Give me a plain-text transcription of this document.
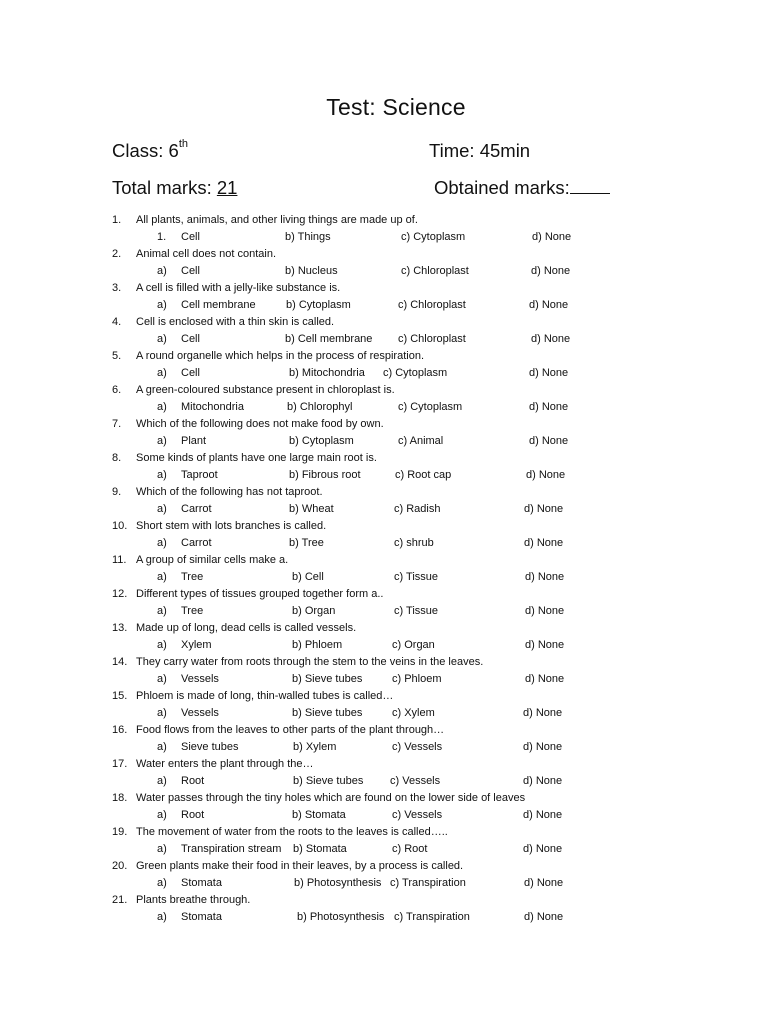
Test: Science
Class: 6th	Time: 45min
Total marks: 21	Obtained marks:
1. All plants, animals, and other living things are made up of.
1. Cell	b) Things	c) Cytoplasm	d) None
2. Animal cell does not contain.
a) Cell	b) Nucleus	c) Chloroplast	d) None
3. A cell is filled with a jelly-like substance is.
a) Cell membrane	b) Cytoplasm	c) Chloroplast	d) None
4. Cell is enclosed with a thin skin is called.
a) Cell	b) Cell membrane c) Chloroplast	d) None
5. A round organelle which helps in the process of respiration.
a) Cell	b) Mitochondria c) Cytoplasm	d) None
6. A green-coloured substance present in chloroplast is.
a) Mitochondria	b) Chlorophyl	c) Cytoplasm	d) None
7. Which of the following does not make food by own.
a) Plant	b) Cytoplasm	c) Animal	d) None
8. Some kinds of plants have one large main root is.
a) Taproot	b) Fibrous root	c) Root cap	d) None
9. Which of the following has not taproot.
a) Carrot	b) Wheat	c) Radish	d) None
10. Short stem with lots branches is called.
a) Carrot	b) Tree	c) shrub	d) None
11. A group of similar cells make a.
a) Tree	b) Cell	c) Tissue	d) None
12. Different types of tissues grouped together form a..
a) Tree	b) Organ	c) Tissue	d) None
13. Made up of long, dead cells is called vessels.
a) Xylem	b) Phloem	c) Organ	d) None
14. They carry water from roots through the stem to the veins in the leaves.
a) Vessels	b) Sieve tubes	c) Phloem	d) None
15. Phloem is made of long, thin-walled tubes is called…
a) Vessels	b) Sieve tubes	c) Xylem	d) None
16. Food flows from the leaves to other parts of the plant through…
a) Sieve tubes	b) Xylem	c) Vessels	d) None
17. Water enters the plant through the…
a) Root	b) Sieve tubes c) Vessels	d) None
18. Water passes through the tiny holes which are found on the lower side of leaves
a) Root	b) Stomata	c) Vessels	d) None
19. The movement of water from the roots to the leaves is called…..
a) Transpiration stream b) Stomata	c) Root	d) None
20. Green plants make their food in their leaves, by a process is called.
a) Stomata	b) Photosynthesis c) Transpiration	d) None
21. Plants breathe through.
a) Stomata	b) Photosynthesis c) Transpiration	d) None
